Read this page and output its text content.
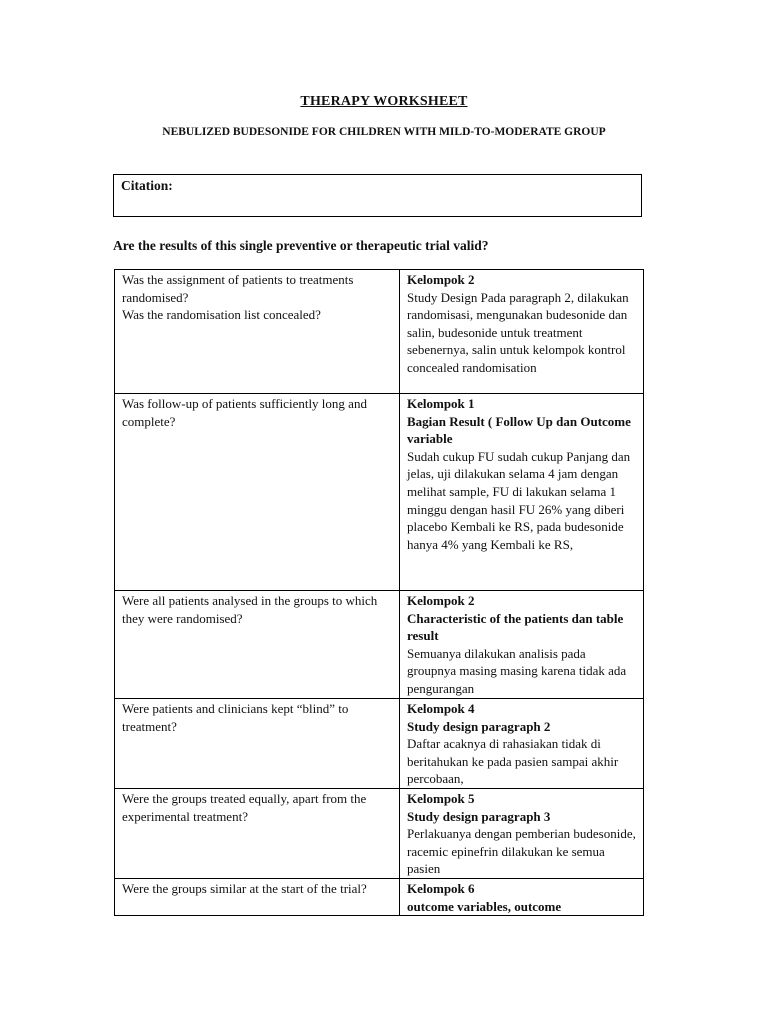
THERAPY WORKSHEET
NEBULIZED BUDESONIDE FOR CHILDREN WITH MILD-TO-MODERATE GROUP
Citation:
Are the results of this single preventive or therapeutic trial valid?
Was the assignment of patients to treatments randomised?
Was the randomisation list concealed?	Kelompok 2
Study Design Pada paragraph 2, dilakukan randomisasi, mengunakan budesonide dan salin, budesonide untuk treatment sebenernya, salin untuk kelompok kontrol
concealed randomisation

Was follow-up of patients sufficiently long and complete?	Kelompok 1
Bagian Result ( Follow Up dan Outcome variable
Sudah cukup FU sudah cukup Panjang dan jelas, uji dilakukan selama 4 jam dengan melihat sample, FU di lakukan selama 1 minggu dengan hasil FU 26% yang diberi placebo Kembali ke RS, pada budesonide hanya 4% yang Kembali ke RS,

Were all patients analysed in the groups to which they were randomised?	Kelompok 2
Characteristic of the patients dan table result
Semuanya dilakukan analisis pada groupnya masing masing karena tidak ada pengurangan

Were patients and clinicians kept “blind” to treatment?	Kelompok 4
Study design paragraph 2
Daftar acaknya di rahasiakan tidak di beritahukan ke pada pasien sampai akhir percobaan,

Were the groups treated equally, apart from the experimental treatment?	Kelompok 5
Study design paragraph 3
Perlakuanya dengan pemberian budesonide, racemic epinefrin dilakukan ke semua pasien

Were the groups similar at the start of the trial?	Kelompok 6
outcome variables, outcome
